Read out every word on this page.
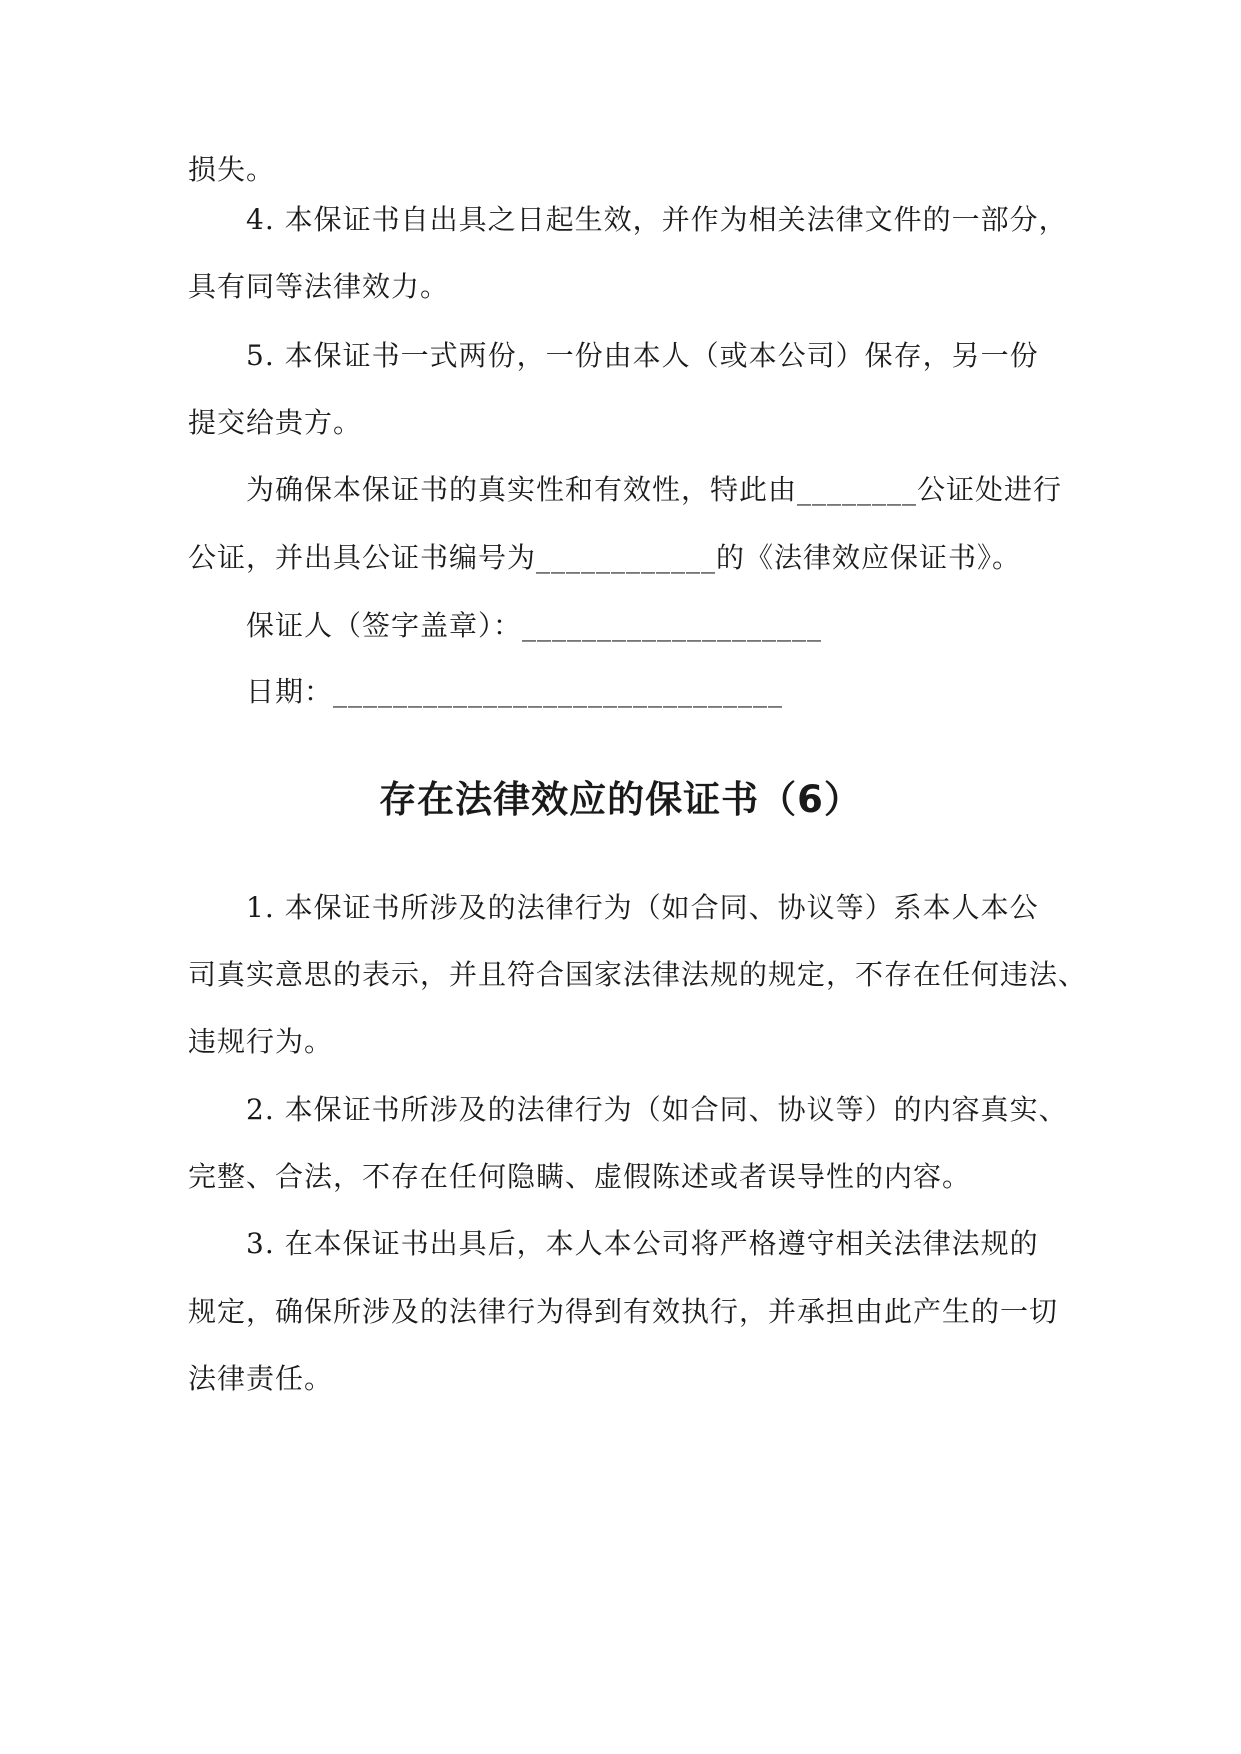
损失。
4. 本保证书自出具之日起生效，并作为相关法律文件的一部分，
具有同等法律效力。
5. 本保证书一式两份，一份由本人（或本公司）保存，另一份
提交给贵方。
为确保本保证书的真实性和有效性，特此由________公证处进行
公证，并出具公证书编号为____________的《法律效应保证书》。
保证人（签字盖章）：____________________
日期：______________________________
存在法律效应的保证书（6）
1. 本保证书所涉及的法律行为（如合同、协议等）系本人本公
司真实意思的表示，并且符合国家法律法规的规定，不存在任何违法、
违规行为。
2. 本保证书所涉及的法律行为（如合同、协议等）的内容真实、
完整、合法，不存在任何隐瞒、虚假陈述或者误导性的内容。
3. 在本保证书出具后，本人本公司将严格遵守相关法律法规的
规定，确保所涉及的法律行为得到有效执行，并承担由此产生的一切
法律责任。
